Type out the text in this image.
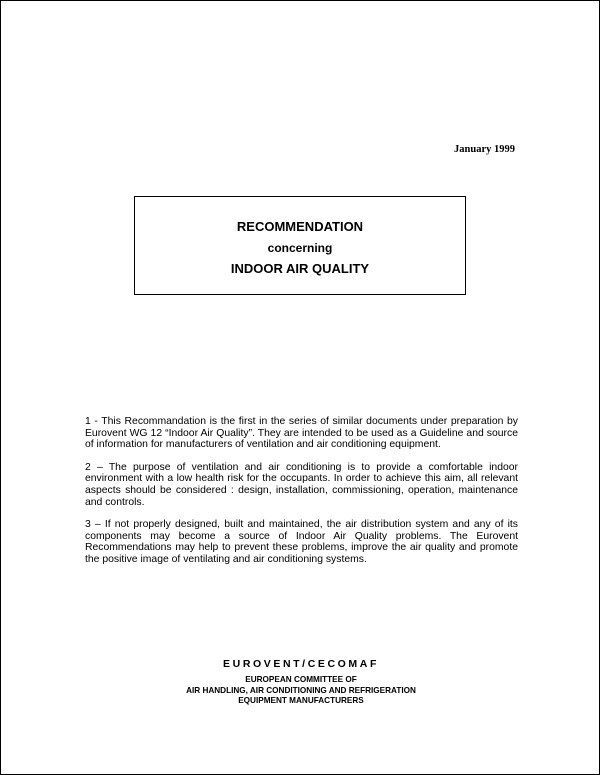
January 1999
RECOMMENDATION
concerning
INDOOR AIR QUALITY

1 - This Recommandation is the first in the series of similar documents under preparation by Eurovent WG 12 “Indoor Air Quality”. They are intended to be used as a Guideline and source of information for manufacturers of ventilation and air conditioning equipment.

2 – The purpose of ventilation and air conditioning is to provide a comfortable indoor environment with a low health risk for the occupants. In order to achieve this aim, all relevant aspects should be considered : design, installation, commissioning, operation, maintenance and controls.

3 – If not properly designed, built and maintained, the air distribution system and any of its components may become a source of Indoor Air Quality problems. The Eurovent Recommendations may help to prevent these problems, improve the air quality and promote the positive image of ventilating and air conditioning systems.

EUROVENT/CECOMAF
EUROPEAN COMMITTEE OF
AIR HANDLING, AIR CONDITIONING AND REFRIGERATION
EQUIPMENT MANUFACTURERS
